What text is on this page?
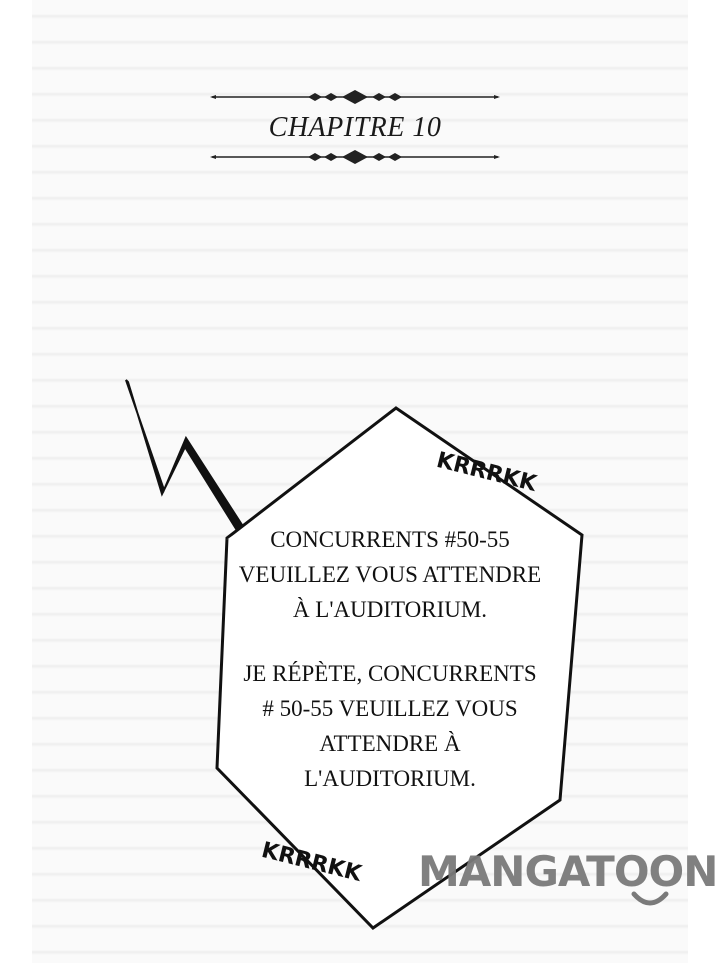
CHAPITRE 10
KRRRKK
KRRRKK
CONCURRENTS #50-55
VEUILLEZ VOUS ATTENDRE
À L'AUDITORIUM.
JE RÉPÈTE, CONCURRENTS
# 50-55 VEUILLEZ VOUS
ATTENDRE À
L'AUDITORIUM.
MANGATOON
